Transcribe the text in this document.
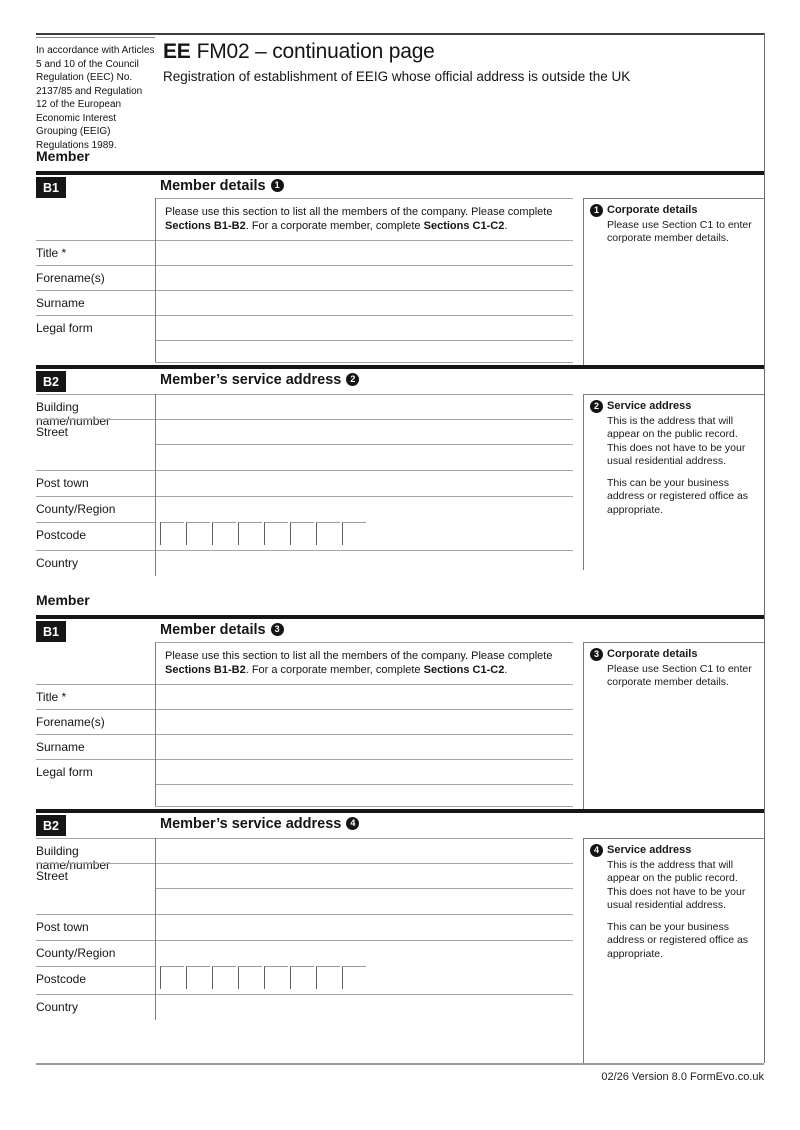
In accordance with Articles 5 and 10 of the Council Regulation (EEC) No. 2137/85 and Regulation 12 of the European Economic Interest Grouping (EEIG) Regulations 1989.
EE FM02 – continuation page
Registration of establishment of EEIG whose official address is outside the UK
Member
B1	Member details 1
Please use this section to list all the members of the company. Please complete Sections B1-B2. For a corporate member, complete Sections C1-C2.
Title *
Forename(s)
Surname
Legal form
1 Corporate details

Please use Section C1 to enter corporate member details.

B2	Member’s service address 2
Building name/number
Street
Post town
County/Region
Postcode
Country
2 Service address

This is the address that will appear on the public record. This does not have to be your usual residential address.

This can be your business address or registered office as appropriate.

Member
B1	Member details 3
Please use this section to list all the members of the company. Please complete Sections B1-B2. For a corporate member, complete Sections C1-C2.
Title *
Forename(s)
Surname
Legal form
3 Corporate details

Please use Section C1 to enter corporate member details.

B2	Member’s service address 4
Building name/number
Street
Post town
County/Region
Postcode
Country
4 Service address

This is the address that will appear on the public record. This does not have to be your usual residential address.

This can be your business address or registered office as appropriate.

02/26 Version 8.0 FormEvo.co.uk
